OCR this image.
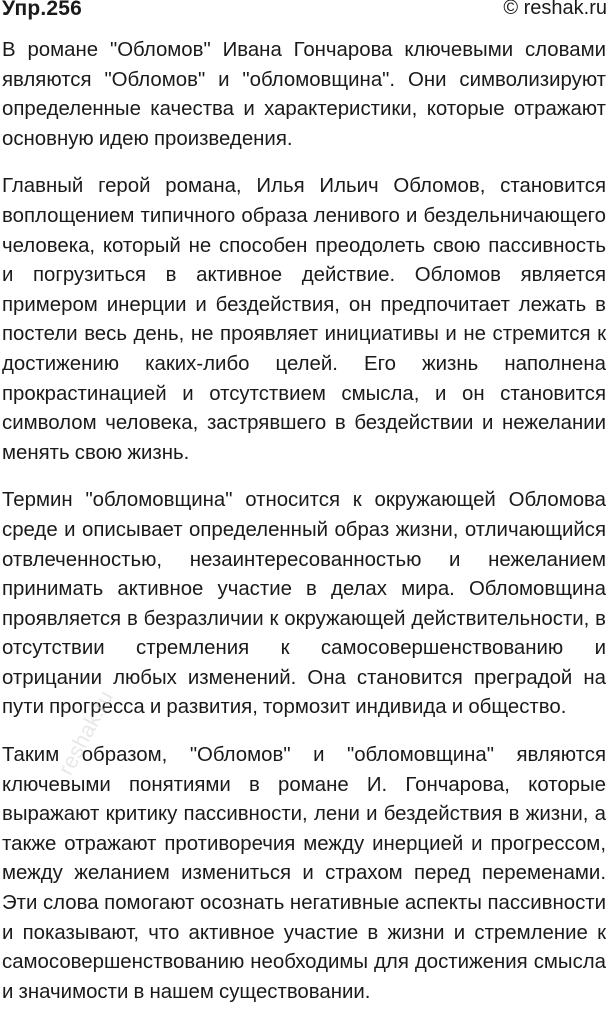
Упр.256	© reshak.ru

В романе "Обломов" Ивана Гончарова ключевыми словами являются "Обломов" и "обломовщина". Они символизируют определенные качества и характеристики, которые отражают основную идею произведения.

Главный герой романа, Илья Ильич Обломов, становится воплощением типичного образа ленивого и бездельничающего человека, который не способен преодолеть свою пассивность и погрузиться в активное действие. Обломов является примером инерции и бездействия, он предпочитает лежать в постели весь день, не проявляет инициативы и не стремится к достижению каких-либо целей. Его жизнь наполнена прокрастинацией и отсутствием смысла, и он становится символом человека, застрявшего в бездействии и нежелании менять свою жизнь.

Термин "обломовщина" относится к окружающей Обломова среде и описывает определенный образ жизни, отличающийся отвлеченностью, незаинтересованностью и нежеланием принимать активное участие в делах мира. Обломовщина проявляется в безразличии к окружающей действительности, в отсутствии стремления к самосовершенствованию и отрицании любых изменений. Она становится преградой на пути прогресса и развития, тормозит индивида и общество.

Таким образом, "Обломов" и "обломовщина" являются ключевыми понятиями в романе И. Гончарова, которые выражают критику пассивности, лени и бездействия в жизни, а также отражают противоречия между инерцией и прогрессом, между желанием измениться и страхом перед переменами. Эти слова помогают осознать негативные аспекты пассивности и показывают, что активное участие в жизни и стремление к самосовершенствованию необходимы для достижения смысла и значимости в нашем существовании.

reshak.ru
